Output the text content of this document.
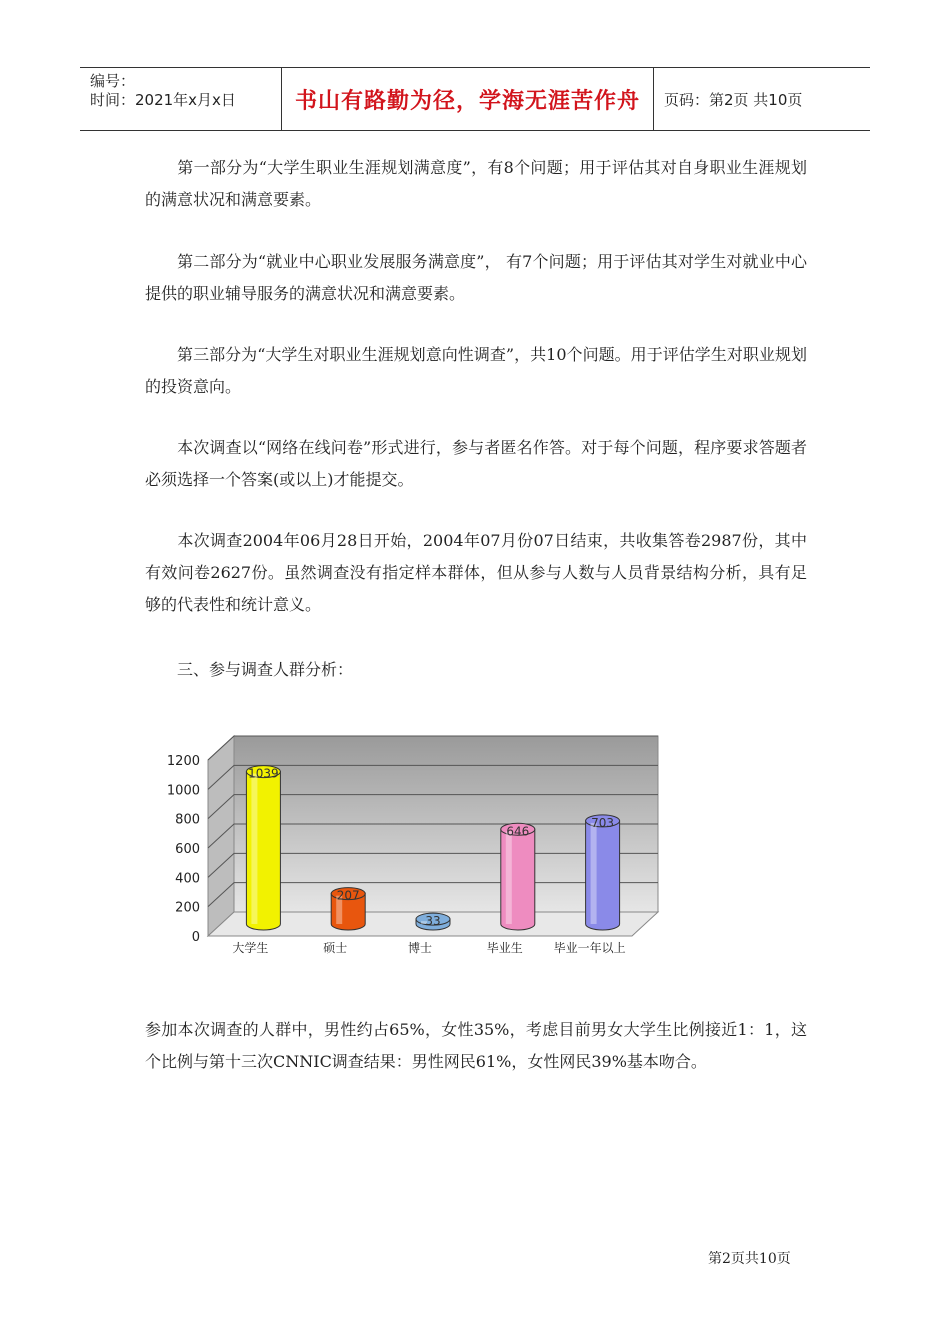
编号：
时间：2021年x月x日	书山有路勤为径，学海无涯苦作舟	页码：第2页 共10页
第一部分为“大学生职业生涯规划满意度”，有8个问题；用于评估其对自身职业生涯规划的满意状况和满意要素。
第二部分为“就业中心职业发展服务满意度”， 有7个问题；用于评估其对学生对就业中心提供的职业辅导服务的满意状况和满意要素。
第三部分为“大学生对职业生涯规划意向性调查”，共10个问题。用于评估学生对职业规划的投资意向。
本次调查以“网络在线问卷”形式进行，参与者匿名作答。对于每个问题，程序要求答题者必须选择一个答案(或以上)才能提交。
本次调查2004年06月28日开始，2004年07月份07日结束，共收集答卷2987份，其中有效问卷2627份。虽然调查没有指定样本群体，但从参与人数与人员背景结构分析，具有足够的代表性和统计意义。
三、参与调查人群分析：
0
200
400
600
800
1000
1200
1039
207
33
646
703
大学生	硕士	博士	毕业生	毕业一年以上
参加本次调查的人群中，男性约占65%，女性35%，考虑目前男女大学生比例接近1：1，这个比例与第十三次CNNIC调查结果：男性网民61%，女性网民39%基本吻合。
第2页共10页
